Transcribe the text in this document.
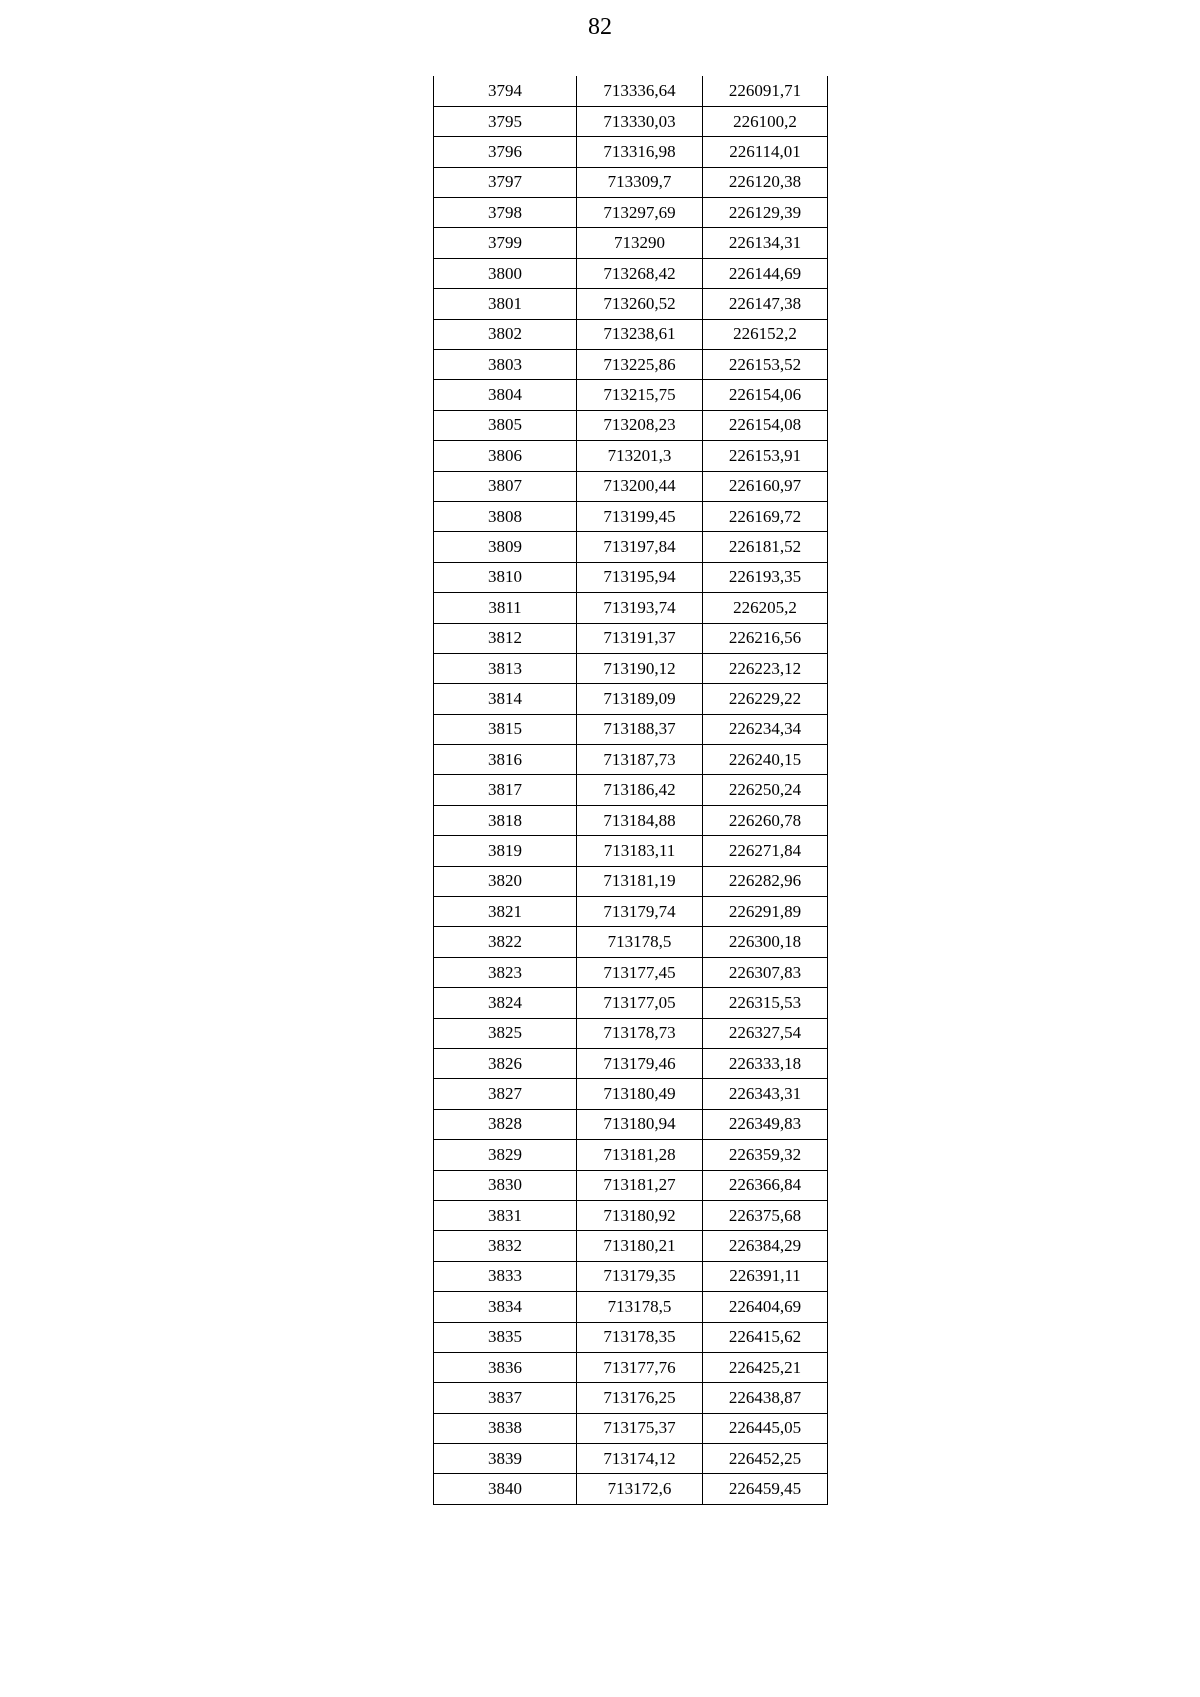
82
3794	713336,64	226091,71
3795	713330,03	226100,2
3796	713316,98	226114,01
3797	713309,7	226120,38
3798	713297,69	226129,39
3799	713290	226134,31
3800	713268,42	226144,69
3801	713260,52	226147,38
3802	713238,61	226152,2
3803	713225,86	226153,52
3804	713215,75	226154,06
3805	713208,23	226154,08
3806	713201,3	226153,91
3807	713200,44	226160,97
3808	713199,45	226169,72
3809	713197,84	226181,52
3810	713195,94	226193,35
3811	713193,74	226205,2
3812	713191,37	226216,56
3813	713190,12	226223,12
3814	713189,09	226229,22
3815	713188,37	226234,34
3816	713187,73	226240,15
3817	713186,42	226250,24
3818	713184,88	226260,78
3819	713183,11	226271,84
3820	713181,19	226282,96
3821	713179,74	226291,89
3822	713178,5	226300,18
3823	713177,45	226307,83
3824	713177,05	226315,53
3825	713178,73	226327,54
3826	713179,46	226333,18
3827	713180,49	226343,31
3828	713180,94	226349,83
3829	713181,28	226359,32
3830	713181,27	226366,84
3831	713180,92	226375,68
3832	713180,21	226384,29
3833	713179,35	226391,11
3834	713178,5	226404,69
3835	713178,35	226415,62
3836	713177,76	226425,21
3837	713176,25	226438,87
3838	713175,37	226445,05
3839	713174,12	226452,25
3840	713172,6	226459,45
